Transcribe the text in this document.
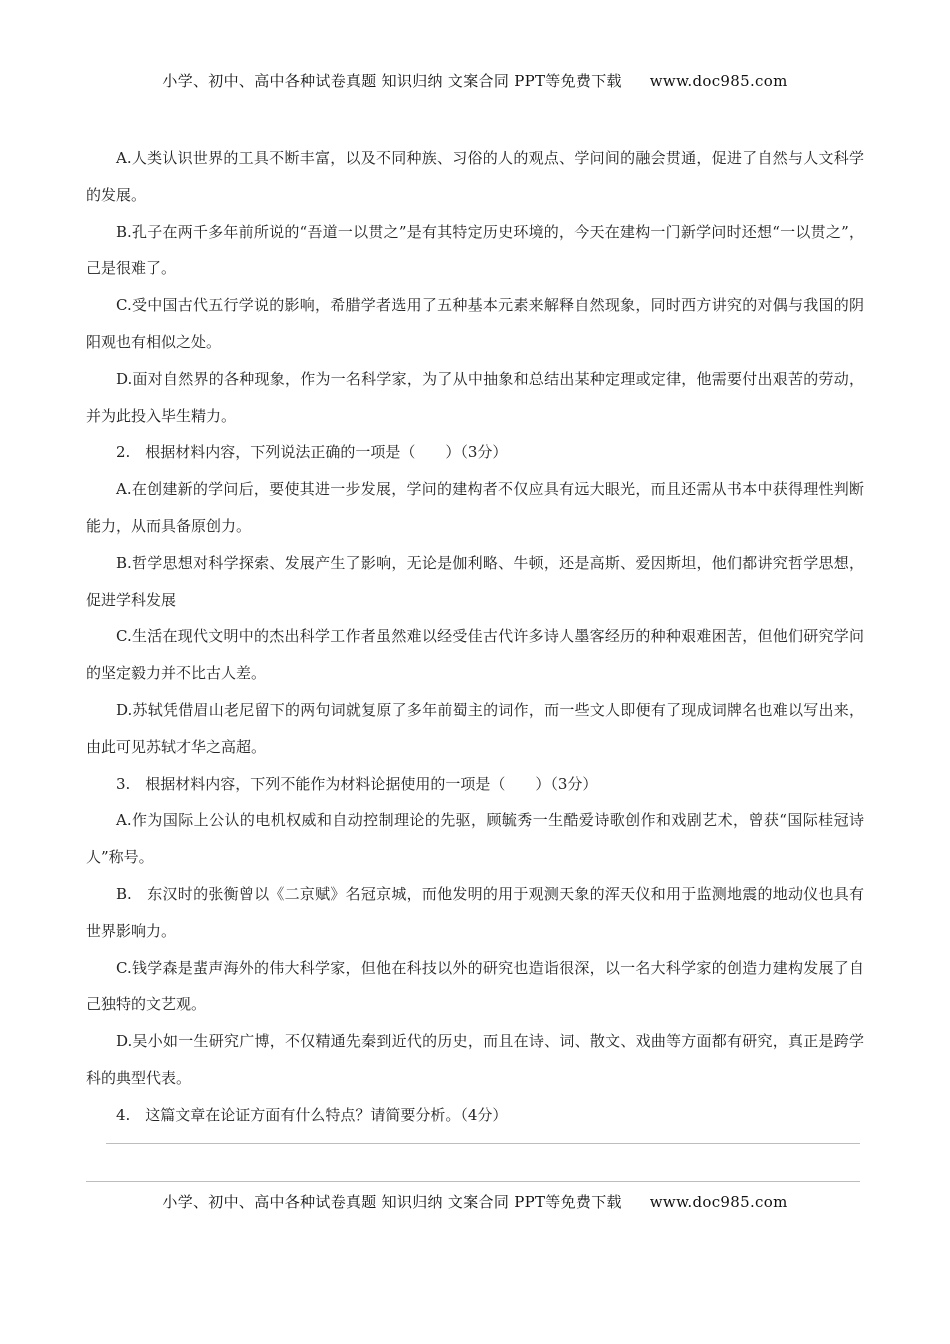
小学、初中、高中各种试卷真题 知识归纳 文案合同 PPT等免费下载 www.doc985.com

A.人类认识世界的工具不断丰富，以及不同种族、习俗的人的观点、学问间的融会贯通，促进了自然与人文科学的发展。

B.孔子在两千多年前所说的“吾道一以贯之”是有其特定历史环境的，今天在建构一门新学问时还想“一以贯之”，己是很难了。

C.受中国古代五行学说的影响，希腊学者选用了五种基本元素来解释自然现象，同时西方讲究的对偶与我国的阴阳观也有相似之处。

D.面对自然界的各种现象，作为一名科学家，为了从中抽象和总结出某种定理或定律，他需要付出艰苦的劳动，并为此投入毕生精力。

2.　根据材料内容，下列说法正确的一项是（　　）（3分）

A.在创建新的学问后，要使其进一步发展，学问的建构者不仅应具有远大眼光，而且还需从书本中获得理性判断能力，从而具备原创力。

B.哲学思想对科学探索、发展产生了影响，无论是伽利略、牛顿，还是高斯、爱因斯坦，他们都讲究哲学思想，促进学科发展

C.生活在现代文明中的杰出科学工作者虽然难以经受佳古代许多诗人墨客经历的种种艰难困苦，但他们研究学问的坚定毅力并不比古人差。

D.苏轼凭借眉山老尼留下的两句词就复原了多年前蜀主的词作，而一些文人即便有了现成词牌名也难以写出来，由此可见苏轼才华之高超。

3.　根据材料内容，下列不能作为材料论据使用的一项是（　　）（3分）

A.作为国际上公认的电机权威和自动控制理论的先驱，顾毓秀一生酷爱诗歌创作和戏剧艺术，曾获“国际桂冠诗人”称号。

B.　东汉时的张衡曾以《二京赋》名冠京城，而他发明的用于观测天象的浑天仪和用于监测地震的地动仪也具有世界影响力。

C.钱学森是蜚声海外的伟大科学家，但他在科技以外的研究也造诣很深，以一名大科学家的创造力建构发展了自己独特的文艺观。

D.吴小如一生研究广博，不仅精通先秦到近代的历史，而且在诗、词、散文、戏曲等方面都有研究，真正是跨学科的典型代表。

4.　这篇文章在论证方面有什么特点？请简要分析。（4分）

小学、初中、高中各种试卷真题 知识归纳 文案合同 PPT等免费下载 www.doc985.com
